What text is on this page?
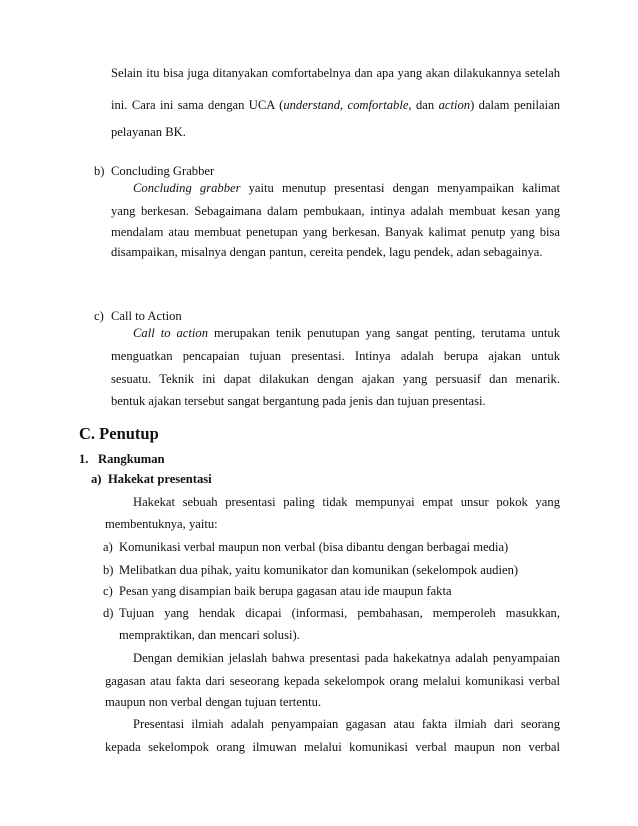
Selain itu bisa juga ditanyakan comfortabelnya dan apa yang akan dilakukannya setelah
ini. Cara ini sama dengan UCA (understand, comfortable, dan action) dalam penilaian
pelayanan BK.
b) Concluding Grabber
Concluding grabber yaitu menutup presentasi dengan menyampaikan kalimat
yang berkesan. Sebagaimana dalam pembukaan, intinya adalah membuat kesan yang
mendalam atau membuat penetupan yang berkesan. Banyak kalimat penutp yang bisa
disampaikan, misalnya dengan pantun, cereita pendek, lagu pendek, adan sebagainya.
c) Call to Action
Call to action merupakan tenik penutupan yang sangat penting, terutama untuk
menguatkan pencapaian tujuan presentasi. Intinya adalah berupa ajakan untuk
sesuatu. Teknik ini dapat dilakukan dengan ajakan yang persuasif dan menarik.
bentuk ajakan tersebut sangat bergantung pada jenis dan tujuan presentasi.
C. Penutup
1. Rangkuman
a) Hakekat presentasi
Hakekat sebuah presentasi paling tidak mempunyai empat unsur pokok yang
membentuknya, yaitu:
a) Komunikasi verbal maupun non verbal (bisa dibantu dengan berbagai media)
b) Melibatkan dua pihak, yaitu komunikator dan komunikan (sekelompok audien)
c) Pesan yang disampian baik berupa gagasan atau ide maupun fakta
d) Tujuan yang hendak dicapai (informasi, pembahasan, memperoleh masukkan,
mempraktikan, dan mencari solusi).
Dengan demikian jelaslah bahwa presentasi pada hakekatnya adalah penyampaian
gagasan atau fakta dari seseorang kepada sekelompok orang melalui komunikasi verbal
maupun non verbal dengan tujuan tertentu.
Presentasi ilmiah adalah penyampaian gagasan atau fakta ilmiah dari seorang
kepada sekelompok orang ilmuwan melalui komunikasi verbal maupun non verbal
